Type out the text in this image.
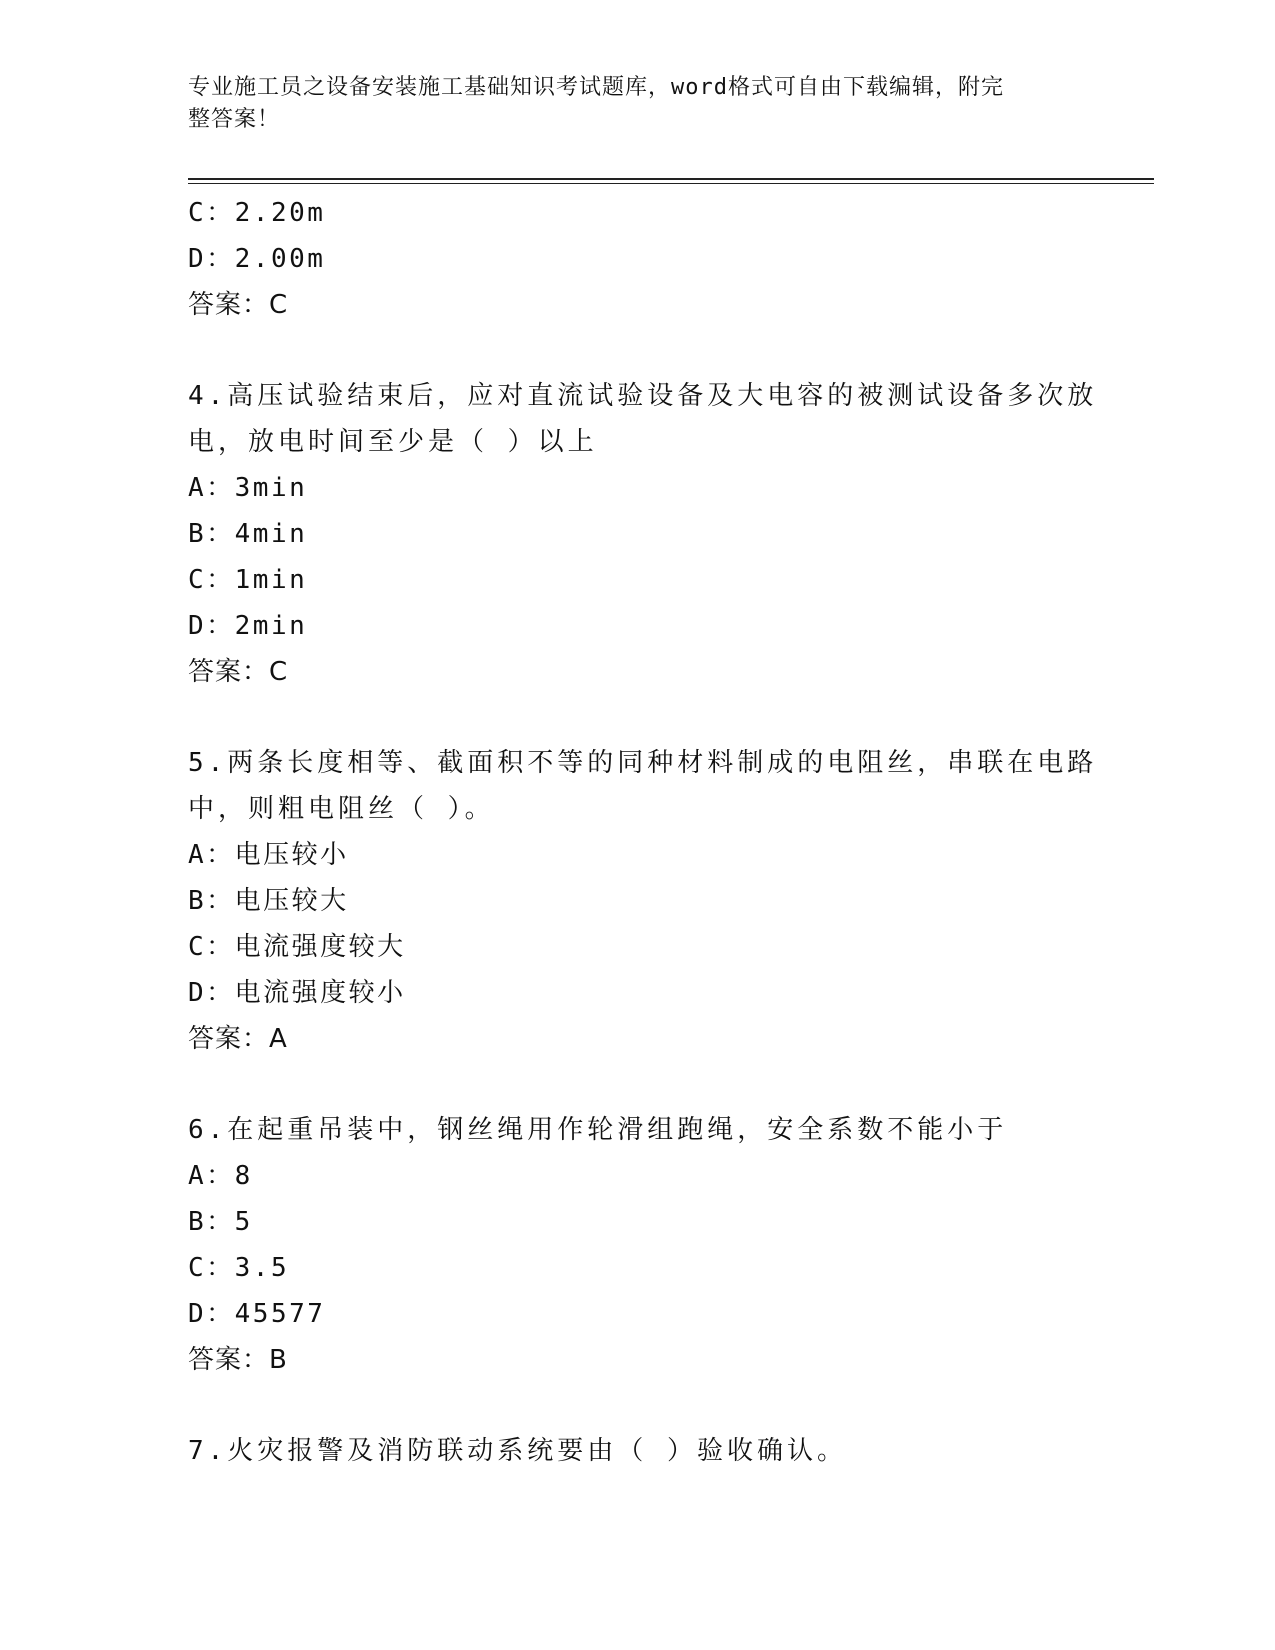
专业施工员之设备安装施工基础知识考试题库，word格式可自由下载编辑，附完
整答案！
C：2.20m
D：2.00m
答案：C
4.高压试验结束后，应对直流试验设备及大电容的被测试设备多次放
电，放电时间至少是（ ）以上
A：3min
B：4min
C：1min
D：2min
答案：C
5.两条长度相等、截面积不等的同种材料制成的电阻丝，串联在电路
中，则粗电阻丝（ ）。
A：电压较小
B：电压较大
C：电流强度较大
D：电流强度较小
答案：A
6.在起重吊装中，钢丝绳用作轮滑组跑绳，安全系数不能小于
A：8
B：5
C：3.5
D：45577
答案：B
7.火灾报警及消防联动系统要由（ ）验收确认。
